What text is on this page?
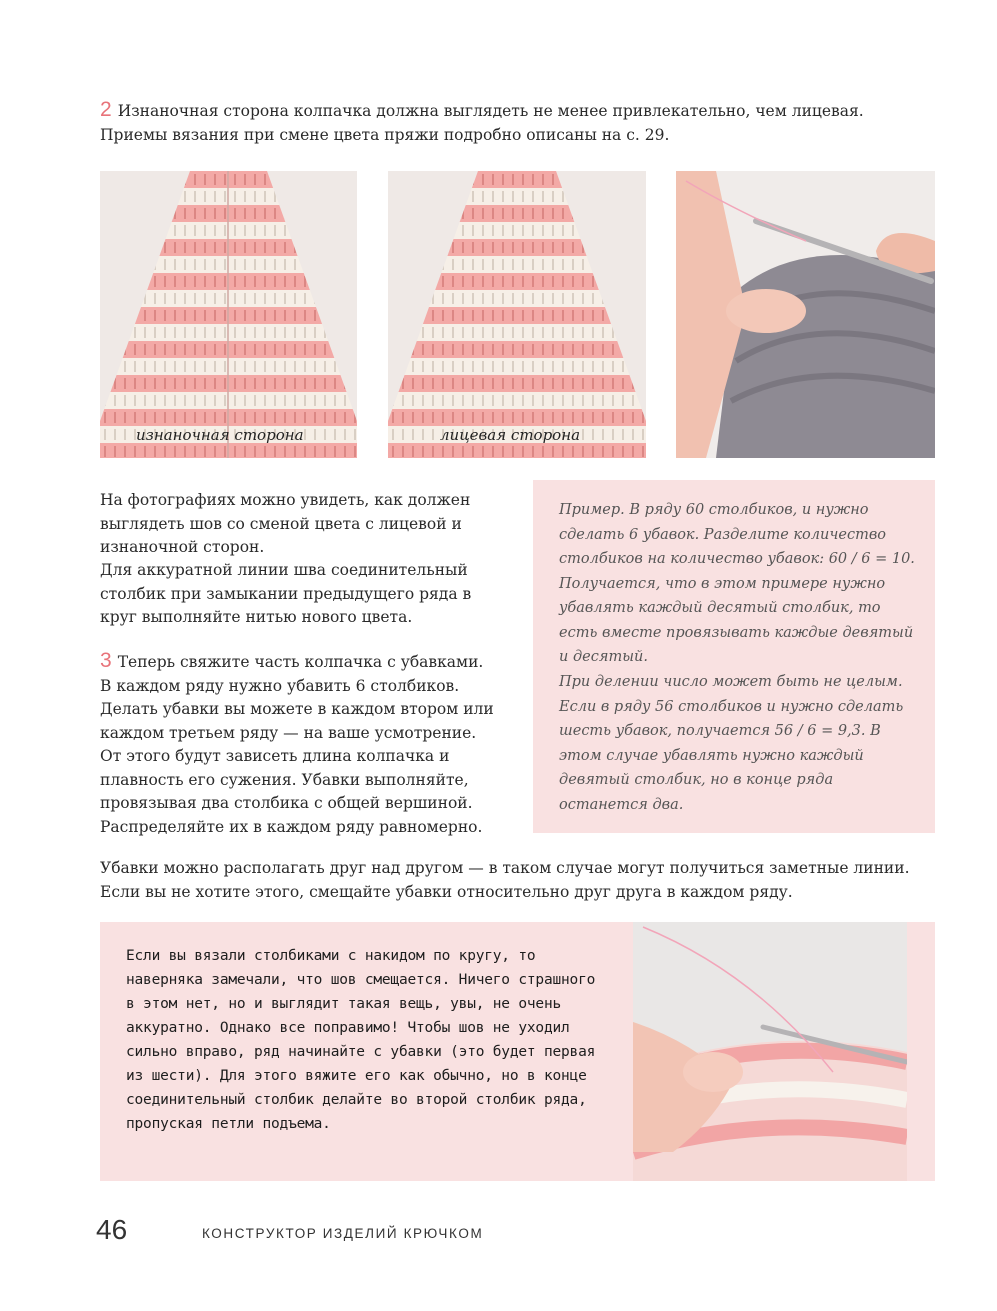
2 Изнаночная сторона колпачка должна выглядеть не менее привлекательно, чем лицевая. Приемы вязания при смене цвета пряжи подробно описаны на с. 29.
изнаночная сторона	лицевая сторона
На фотографиях можно увидеть, как должен выглядеть шов со сменой цвета с лицевой и изнаночной сторон.
Для аккуратной линии шва соединительный столбик при замыкании предыдущего ряда в круг выполняйте нитью нового цвета.
3 Теперь свяжите часть колпачка с убавками. В каждом ряду нужно убавить 6 столбиков. Делать убавки вы можете в каждом втором или каждом третьем ряду — на ваше усмотрение. От этого будут зависеть длина колпачка и плавность его сужения. Убавки выполняйте, провязывая два столбика с общей вершиной. Распределяйте их в каждом ряду равномерно.
Пример. В ряду 60 столбиков, и нужно сделать 6 убавок. Разделите количество столбиков на количество убавок: 60 / 6 = 10. Получается, что в этом примере нужно убавлять каждый десятый столбик, то есть вместе провязывать каждые девятый и десятый.
При делении число может быть не целым. Если в ряду 56 столбиков и нужно сделать шесть убавок, получается 56 / 6 = 9,3. В этом случае убавлять нужно каждый девятый столбик, но в конце ряда останется два.
Убавки можно располагать друг над другом — в таком случае могут получиться заметные линии. Если вы не хотите этого, смещайте убавки относительно друг друга в каждом ряду.
Если вы вязали столбиками с накидом по кругу, то наверняка замечали, что шов смещается. Ничего страшного в этом нет, но и выглядит такая вещь, увы, не очень аккуратно. Однако все поправимо! Чтобы шов не уходил сильно вправо, ряд начинайте с убавки (это будет первая из шести). Для этого вяжите его как обычно, но в конце соединительный столбик делайте во второй столбик ряда, пропуская петли подъема.
46	КОНСТРУКТОР ИЗДЕЛИЙ КРЮЧКОМ
